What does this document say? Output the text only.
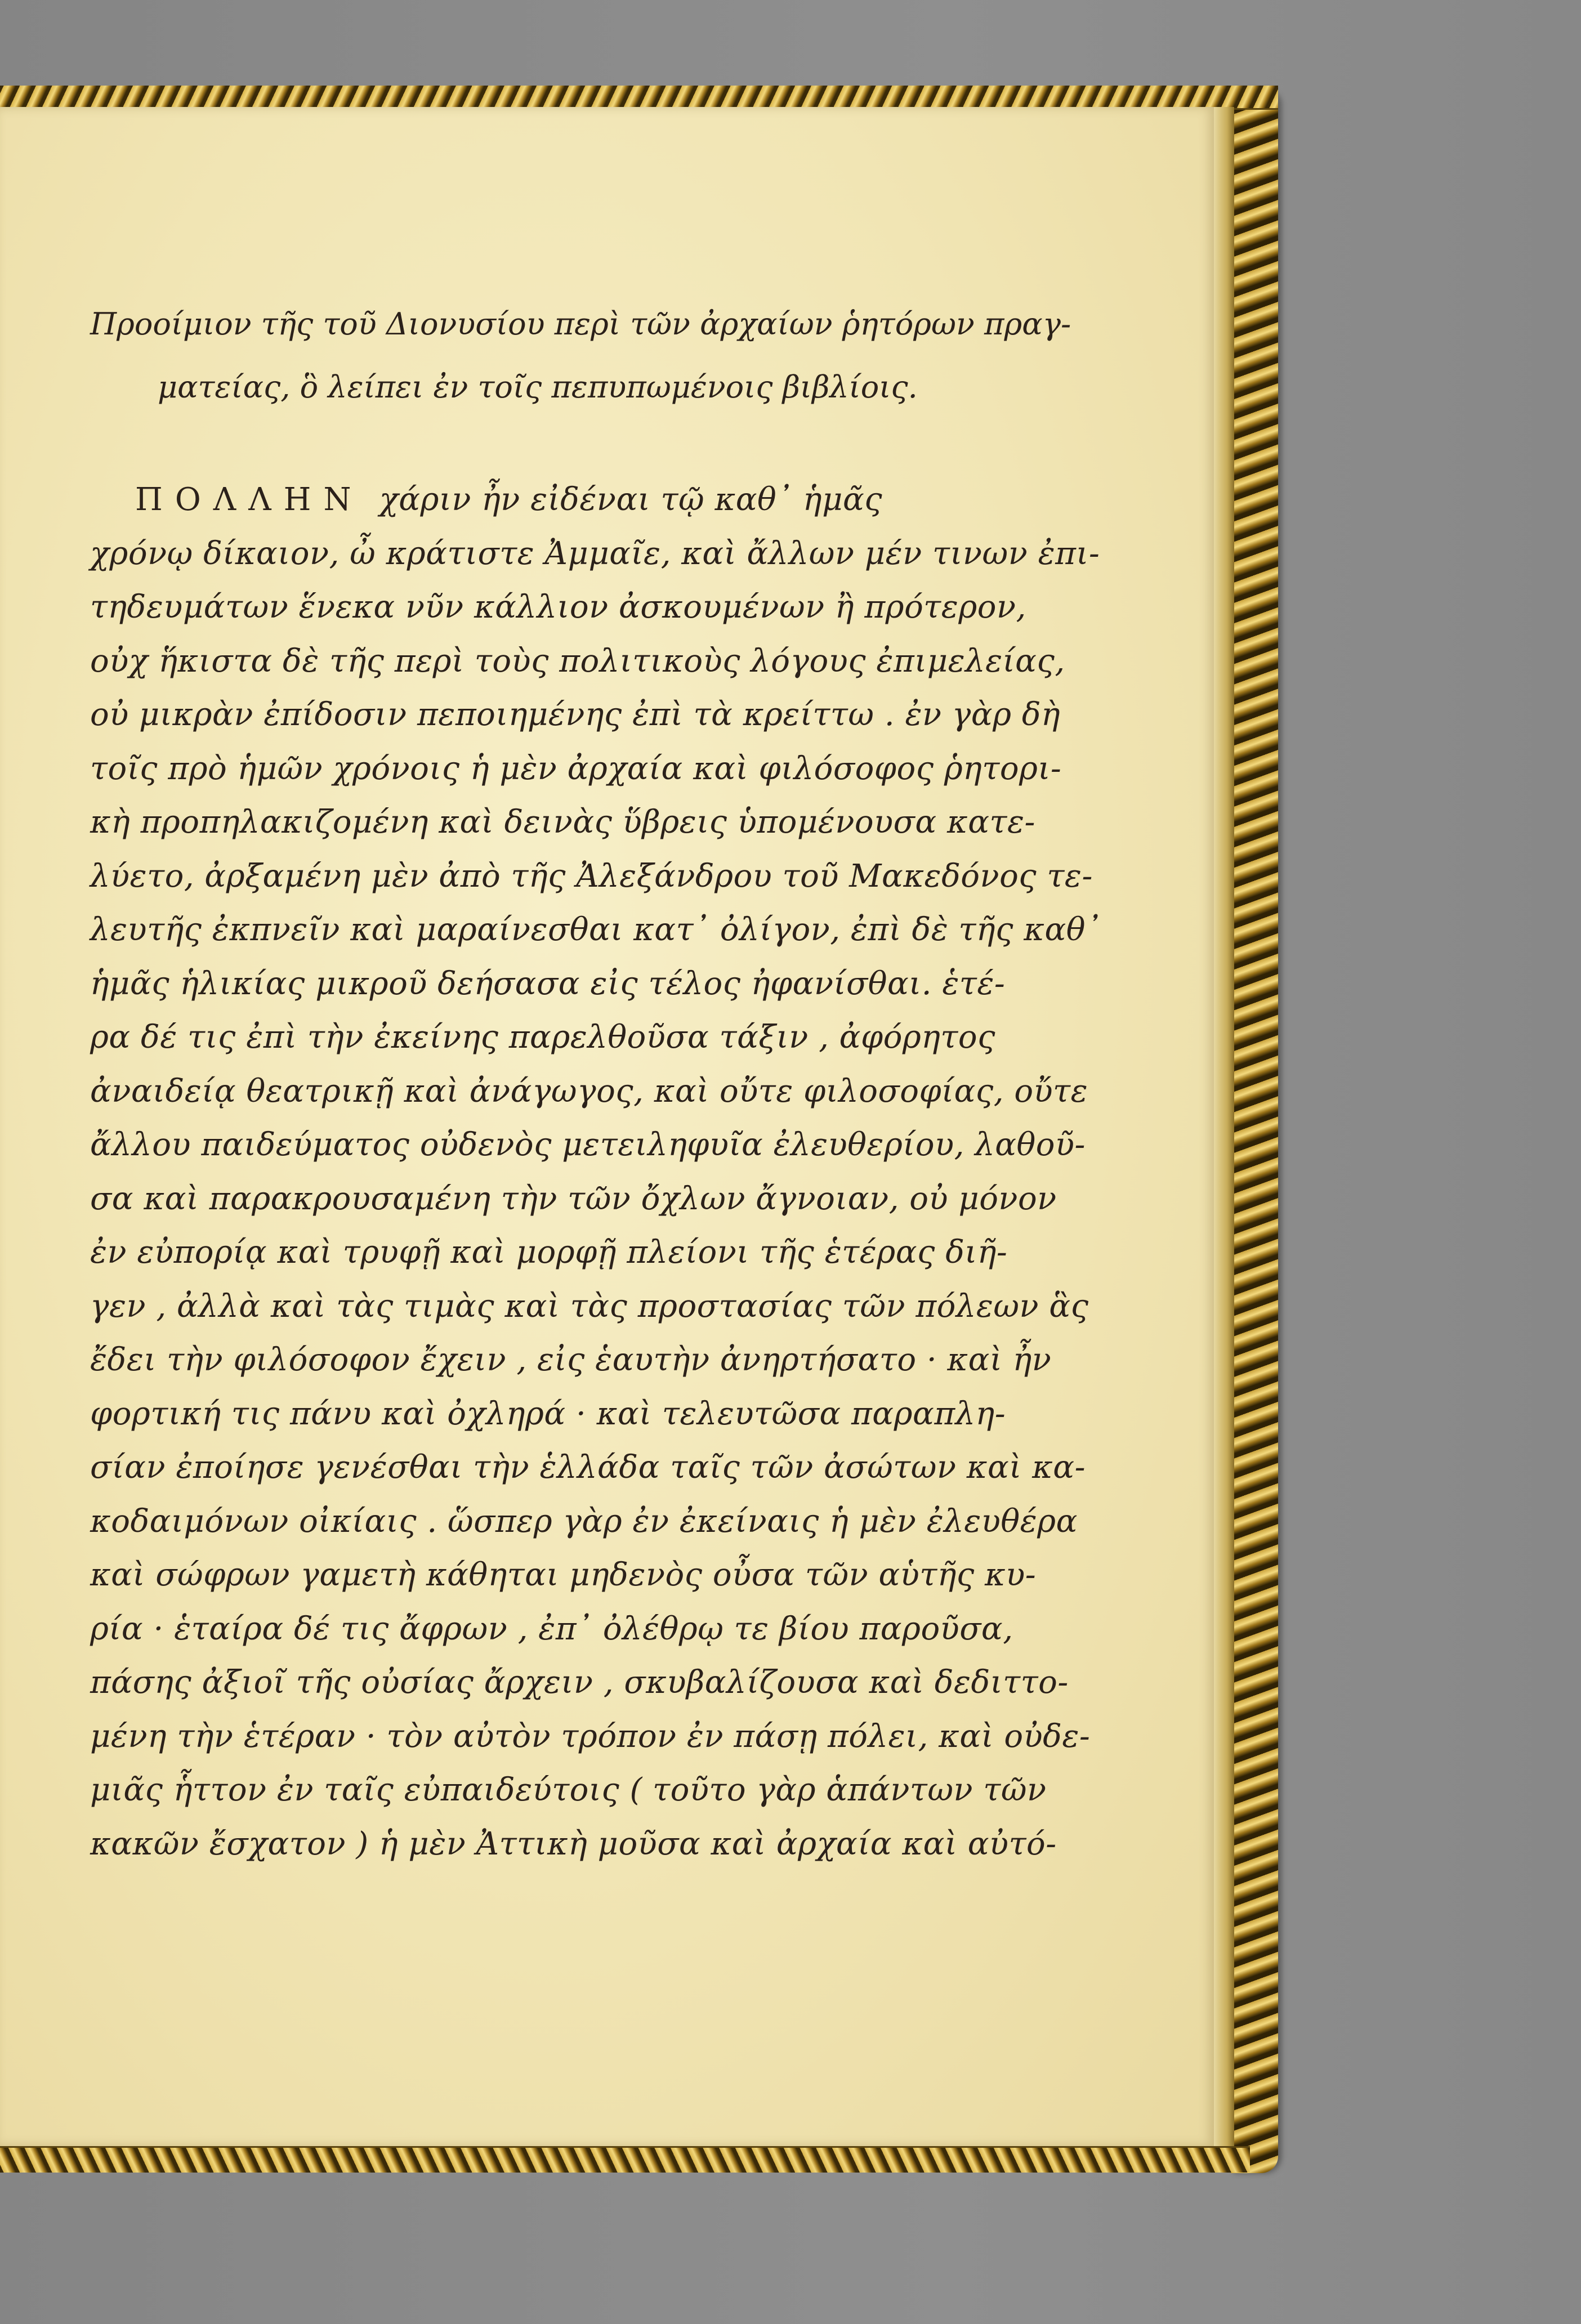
Προοίμιον τῆς τοῦ Διονυσίου περὶ τῶν ἀρχαίων ῥητόρων πραγ-
ματείας, ὃ λείπει ἐν τοῖς πεπυπωμένοις βιβλίοις.
ΠΟΛΛΗΝ χάριν ἦν εἰδέναι τῷ καθ᾽ ἡμᾶς
χρόνῳ δίκαιον, ὦ κράτιστε Ἀμμαῖε, καὶ ἄλλων μέν τινων ἐπι-
τηδευμάτων ἕνεκα νῦν κάλλιον ἀσκουμένων ἢ πρότερον,
οὐχ ἥκιστα δὲ τῆς περὶ τοὺς πολιτικοὺς λόγους ἐπιμελείας,
οὐ μικρὰν ἐπίδοσιν πεποιημένης ἐπὶ τὰ κρείττω . ἐν γὰρ δὴ
τοῖς πρὸ ἡμῶν χρόνοις ἡ μὲν ἀρχαία καὶ φιλόσοφος ῥητορι-
κὴ προπηλακιζομένη καὶ δεινὰς ὕβρεις ὑπομένουσα κατε-
λύετο, ἀρξαμένη μὲν ἀπὸ τῆς Ἀλεξάνδρου τοῦ Μακεδόνος τε-
λευτῆς ἐκπνεῖν καὶ μαραίνεσθαι κατ᾽ ὀλίγον, ἐπὶ δὲ τῆς καθ᾽
ἡμᾶς ἡλικίας μικροῦ δεήσασα εἰς τέλος ἠφανίσθαι. ἑτέ-
ρα δέ τις ἐπὶ τὴν ἐκείνης παρελθοῦσα τάξιν , ἀφόρητος
ἀναιδείᾳ θεατρικῇ καὶ ἀνάγωγος, καὶ οὔτε φιλοσοφίας, οὔτε
ἄλλου παιδεύματος οὐδενὸς μετειληφυῖα ἐλευθερίου, λαθοῦ-
σα καὶ παρακρουσαμένη τὴν τῶν ὄχλων ἄγνοιαν, οὐ μόνον
ἐν εὐπορίᾳ καὶ τρυφῇ καὶ μορφῇ πλείονι τῆς ἑτέρας διῆ-
γεν , ἀλλὰ καὶ τὰς τιμὰς καὶ τὰς προστασίας τῶν πόλεων ἃς
ἔδει τὴν φιλόσοφον ἔχειν , εἰς ἑαυτὴν ἀνηρτήσατο · καὶ ἦν
φορτική τις πάνυ καὶ ὀχληρά · καὶ τελευτῶσα παραπλη-
σίαν ἐποίησε γενέσθαι τὴν ἑλλάδα ταῖς τῶν ἀσώτων καὶ κα-
κοδαιμόνων οἰκίαις . ὥσπερ γὰρ ἐν ἐκείναις ἡ μὲν ἐλευθέρα
καὶ σώφρων γαμετὴ κάθηται μηδενὸς οὖσα τῶν αὑτῆς κυ-
ρία · ἑταίρα δέ τις ἄφρων , ἐπ᾽ ὀλέθρῳ τε βίου παροῦσα,
πάσης ἀξιοῖ τῆς οὐσίας ἄρχειν , σκυβαλίζουσα καὶ δεδιττο-
μένη τὴν ἑτέραν · τὸν αὐτὸν τρόπον ἐν πάσῃ πόλει, καὶ οὐδε-
μιᾶς ἧττον ἐν ταῖς εὐπαιδεύτοις ( τοῦτο γὰρ ἁπάντων τῶν
κακῶν ἔσχατον ) ἡ μὲν Ἀττικὴ μοῦσα καὶ ἀρχαία καὶ αὐτό-
